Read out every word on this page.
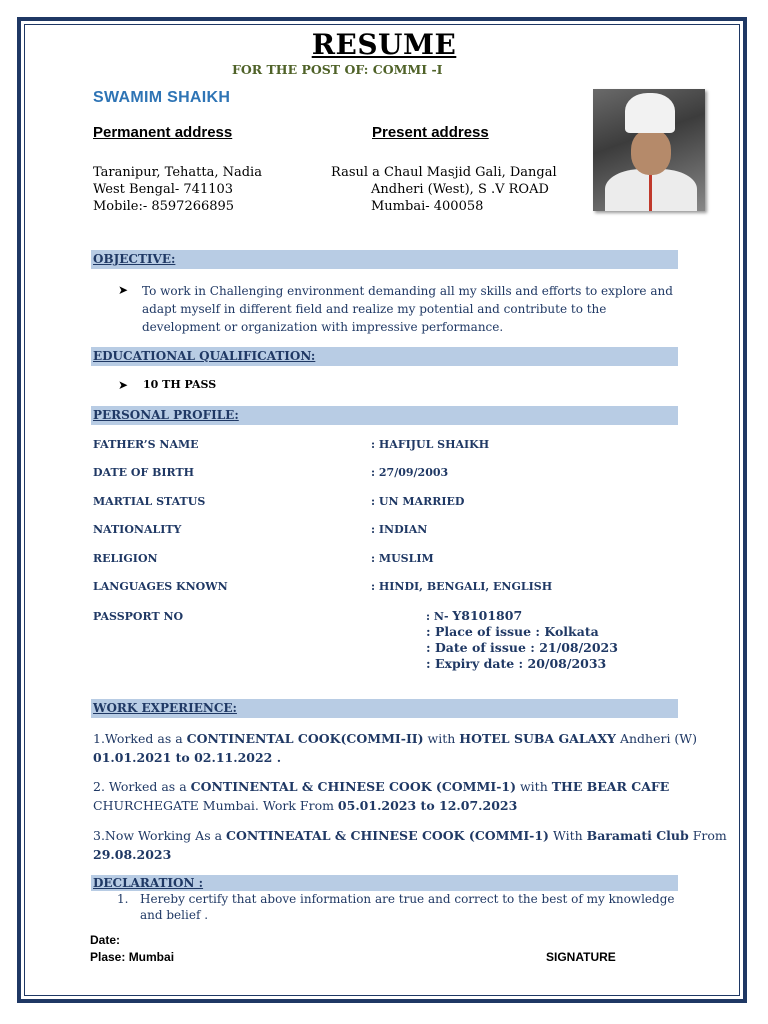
RESUME
FOR THE POST OF: COMMI -I
SWAMIM SHAIKH
Permanent address
Taranipur, Tehatta, Nadia
West Bengal- 741103
Mobile:- 8597266895
Present address
Rasul a Chaul Masjid Gali, Dangal
Andheri (West), S .V ROAD
Mumbai- 400058
OBJECTIVE:
➤ To work in Challenging environment demanding all my skills and efforts to explore and
adapt myself in different field and realize my potential and contribute to the
development or organization with impressive performance.
EDUCATIONAL QUALIFICATION:
➤ 10 TH PASS
PERSONAL PROFILE:
FATHER’S NAME	: HAFIJUL SHAIKH
DATE OF BIRTH	: 27/09/2003
MARTIAL STATUS	: UN MARRIED
NATIONALITY	: INDIAN
RELIGION	: MUSLIM
LANGUAGES KNOWN	: HINDI, BENGALI, ENGLISH
PASSPORT NO	: N- Y8101807
: Place of issue : Kolkata
: Date of issue : 21/08/2023
: Expiry date : 20/08/2033
WORK EXPERIENCE:
1.Worked as a CONTINENTAL COOK(COMMI-II) with HOTEL SUBA GALAXY Andheri (W)
01.01.2021 to 02.11.2022 .
2. Worked as a CONTINENTAL & CHINESE COOK (COMMI-1) with THE BEAR CAFE
CHURCHEGATE Mumbai. Work From 05.01.2023 to 12.07.2023
3.Now Working As a CONTINEATAL & CHINESE COOK (COMMI-1) With Baramati Club From
29.08.2023
DECLARATION :
1. Hereby certify that above information are true and correct to the best of my knowledge
and belief .
Date:
Plase: Mumbai	SIGNATURE
